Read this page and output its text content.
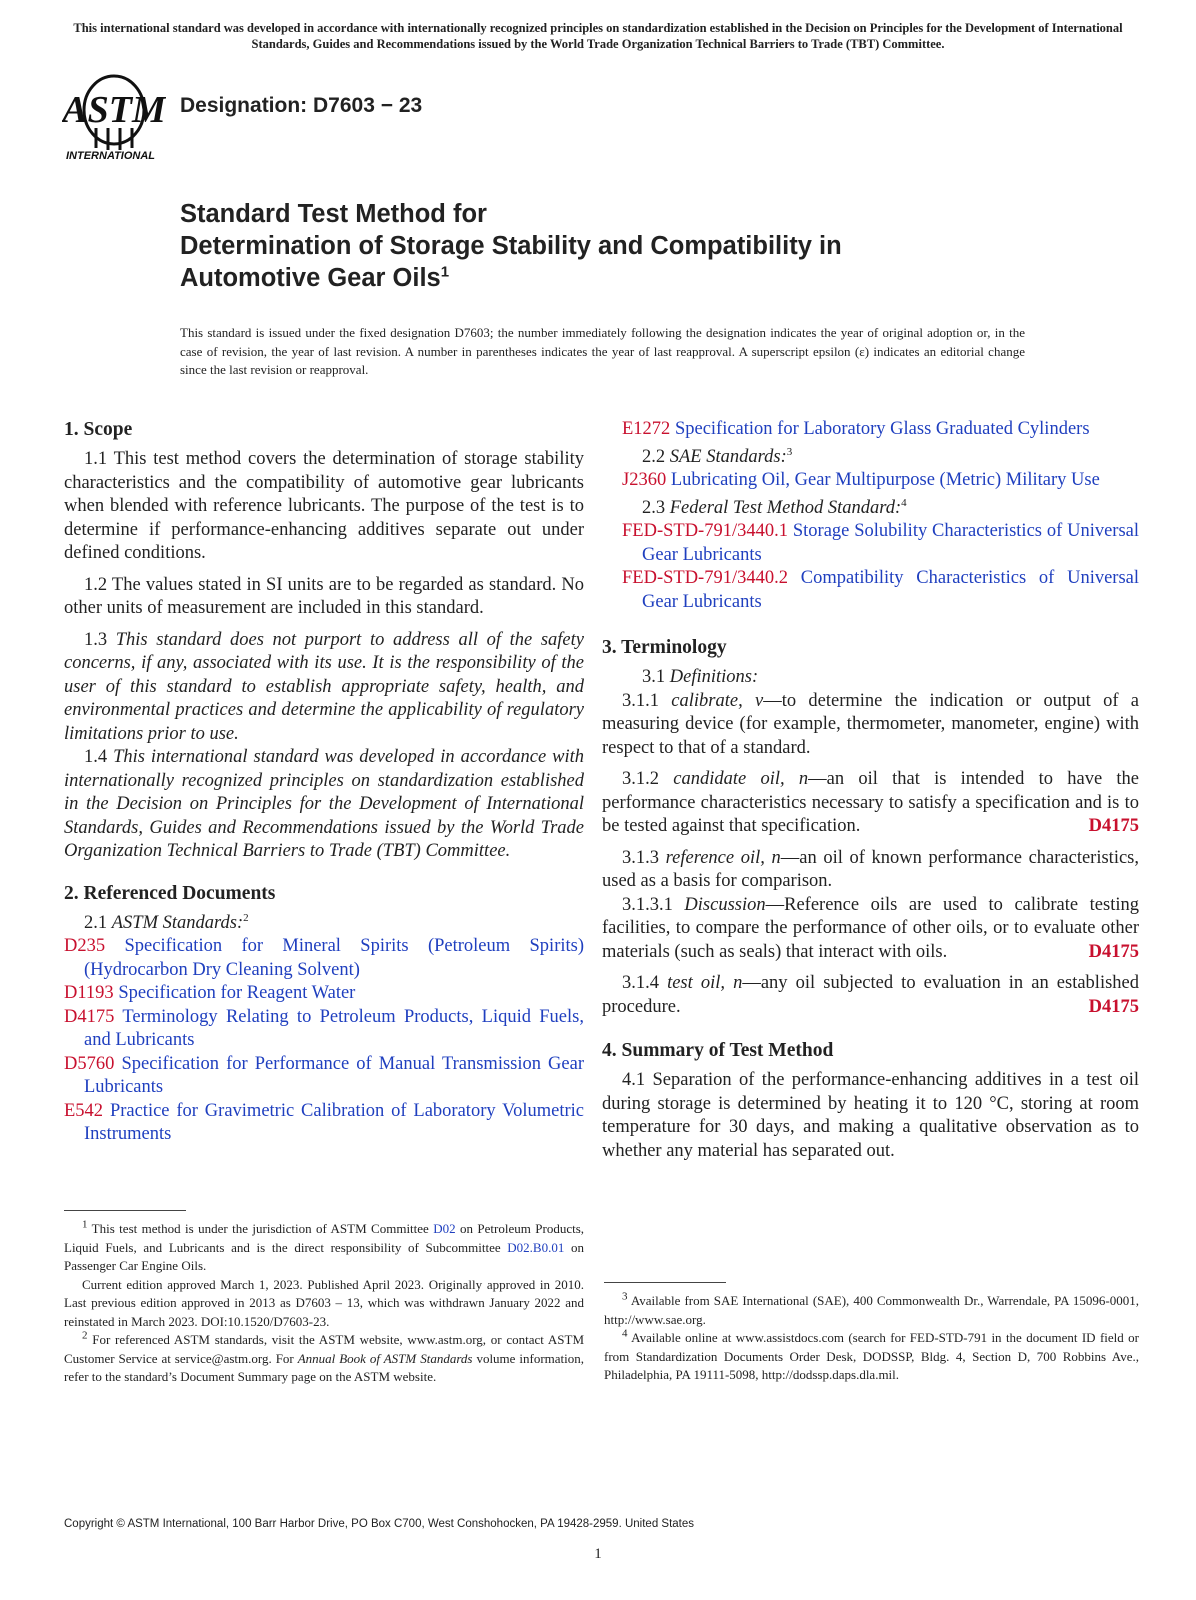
This international standard was developed in accordance with internationally recognized principles on standardization established in the Decision on Principles for the Development of International Standards, Guides and Recommendations issued by the World Trade Organization Technical Barriers to Trade (TBT) Committee.
ASTM
INTERNATIONAL
Designation: D7603 − 23
Standard Test Method for
Determination of Storage Stability and Compatibility in
Automotive Gear Oils$^1$
This standard is issued under the fixed designation D7603; the number immediately following the designation indicates the year of original adoption or, in the case of revision, the year of last revision. A number in parentheses indicates the year of last reapproval. A superscript epsilon (ε) indicates an editorial change since the last revision or reapproval.
1. Scope

1.1 This test method covers the determination of storage stability characteristics and the compatibility of automotive gear lubricants when blended with reference lubricants. The purpose of the test is to determine if performance-enhancing additives separate out under defined conditions.

1.2 The values stated in SI units are to be regarded as standard. No other units of measurement are included in this standard.

1.3 This standard does not purport to address all of the safety concerns, if any, associated with its use. It is the responsibility of the user of this standard to establish appropriate safety, health, and environmental practices and determine the applicability of regulatory limitations prior to use.

1.4 This international standard was developed in accordance with internationally recognized principles on standardization established in the Decision on Principles for the Development of International Standards, Guides and Recommendations issued by the World Trade Organization Technical Barriers to Trade (TBT) Committee.

2. Referenced Documents

2.1 ASTM Standards:$^2$

D235 Specification for Mineral Spirits (Petroleum Spirits) (Hydrocarbon Dry Cleaning Solvent)
D1193 Specification for Reagent Water
D4175 Terminology Relating to Petroleum Products, Liquid Fuels, and Lubricants
D5760 Specification for Performance of Manual Transmission Gear Lubricants
E542 Practice for Gravimetric Calibration of Laboratory Volumetric Instruments

$^1$ This test method is under the jurisdiction of ASTM Committee D02 on Petroleum Products, Liquid Fuels, and Lubricants and is the direct responsibility of Subcommittee D02.B0.01 on Passenger Car Engine Oils.

Current edition approved March 1, 2023. Published April 2023. Originally approved in 2010. Last previous edition approved in 2013 as D7603 – 13, which was withdrawn January 2022 and reinstated in March 2023. DOI:10.1520/D7603-23.

$^2$ For referenced ASTM standards, visit the ASTM website, www.astm.org, or contact ASTM Customer Service at service@astm.org. For Annual Book of ASTM Standards volume information, refer to the standard’s Document Summary page on the ASTM website.

E1272 Specification for Laboratory Glass Graduated Cylinders

2.2 SAE Standards:$^3$

J2360 Lubricating Oil, Gear Multipurpose (Metric) Military Use

2.3 Federal Test Method Standard:$^4$

FED-STD-791/3440.1 Storage Solubility Characteristics of Universal Gear Lubricants
FED-STD-791/3440.2 Compatibility Characteristics of Universal Gear Lubricants
3. Terminology

3.1 Definitions:

3.1.1 calibrate, v—to determine the indication or output of a measuring device (for example, thermometer, manometer, engine) with respect to that of a standard.

3.1.2 candidate oil, n—an oil that is intended to have the performance characteristics necessary to satisfy a specification and is to be tested against that specification.	D4175

3.1.3 reference oil, n—an oil of known performance characteristics, used as a basis for comparison.

3.1.3.1 Discussion—Reference oils are used to calibrate testing facilities, to compare the performance of other oils, or to evaluate other materials (such as seals) that interact with oils.	D4175

3.1.4 test oil, n—any oil subjected to evaluation in an established procedure.	D4175

4. Summary of Test Method

4.1 Separation of the performance-enhancing additives in a test oil during storage is determined by heating it to 120 °C, storing at room temperature for 30 days, and making a qualitative observation as to whether any material has separated out.

$^3$ Available from SAE International (SAE), 400 Commonwealth Dr., Warrendale, PA 15096-0001, http://www.sae.org.

$^4$ Available online at www.assistdocs.com (search for FED-STD-791 in the document ID field or from Standardization Documents Order Desk, DODSSP, Bldg. 4, Section D, 700 Robbins Ave., Philadelphia, PA 19111-5098, http://dodssp.daps.dla.mil.

Copyright © ASTM International, 100 Barr Harbor Drive, PO Box C700, West Conshohocken, PA 19428-2959. United States
1
